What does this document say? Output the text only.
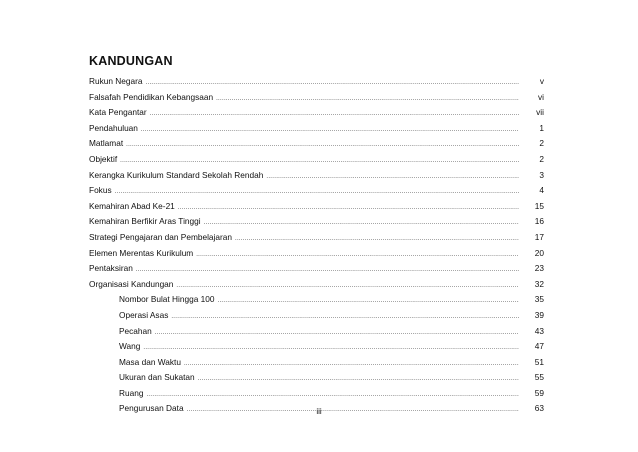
KANDUNGAN
Rukun Negara .....	v
Falsafah Pendidikan Kebangsaan .....	vi
Kata Pengantar .....	vii
Pendahuluan .....	1
Matlamat .....	2
Objektif .....	2
Kerangka Kurikulum Standard Sekolah Rendah .....	3
Fokus .....	4
Kemahiran Abad Ke-21 .....	15
Kemahiran Berfikir Aras Tinggi .....	16
Strategi Pengajaran dan Pembelajaran .....	17
Elemen Merentas Kurikulum .....	20
Pentaksiran .....	23
Organisasi Kandungan .....	32
Nombor Bulat Hingga 100 .....	35
Operasi Asas .....	39
Pecahan .....	43
Wang .....	47
Masa dan Waktu .....	51
Ukuran dan Sukatan .....	55
Ruang .....	59
Pengurusan Data .....	63
iii
